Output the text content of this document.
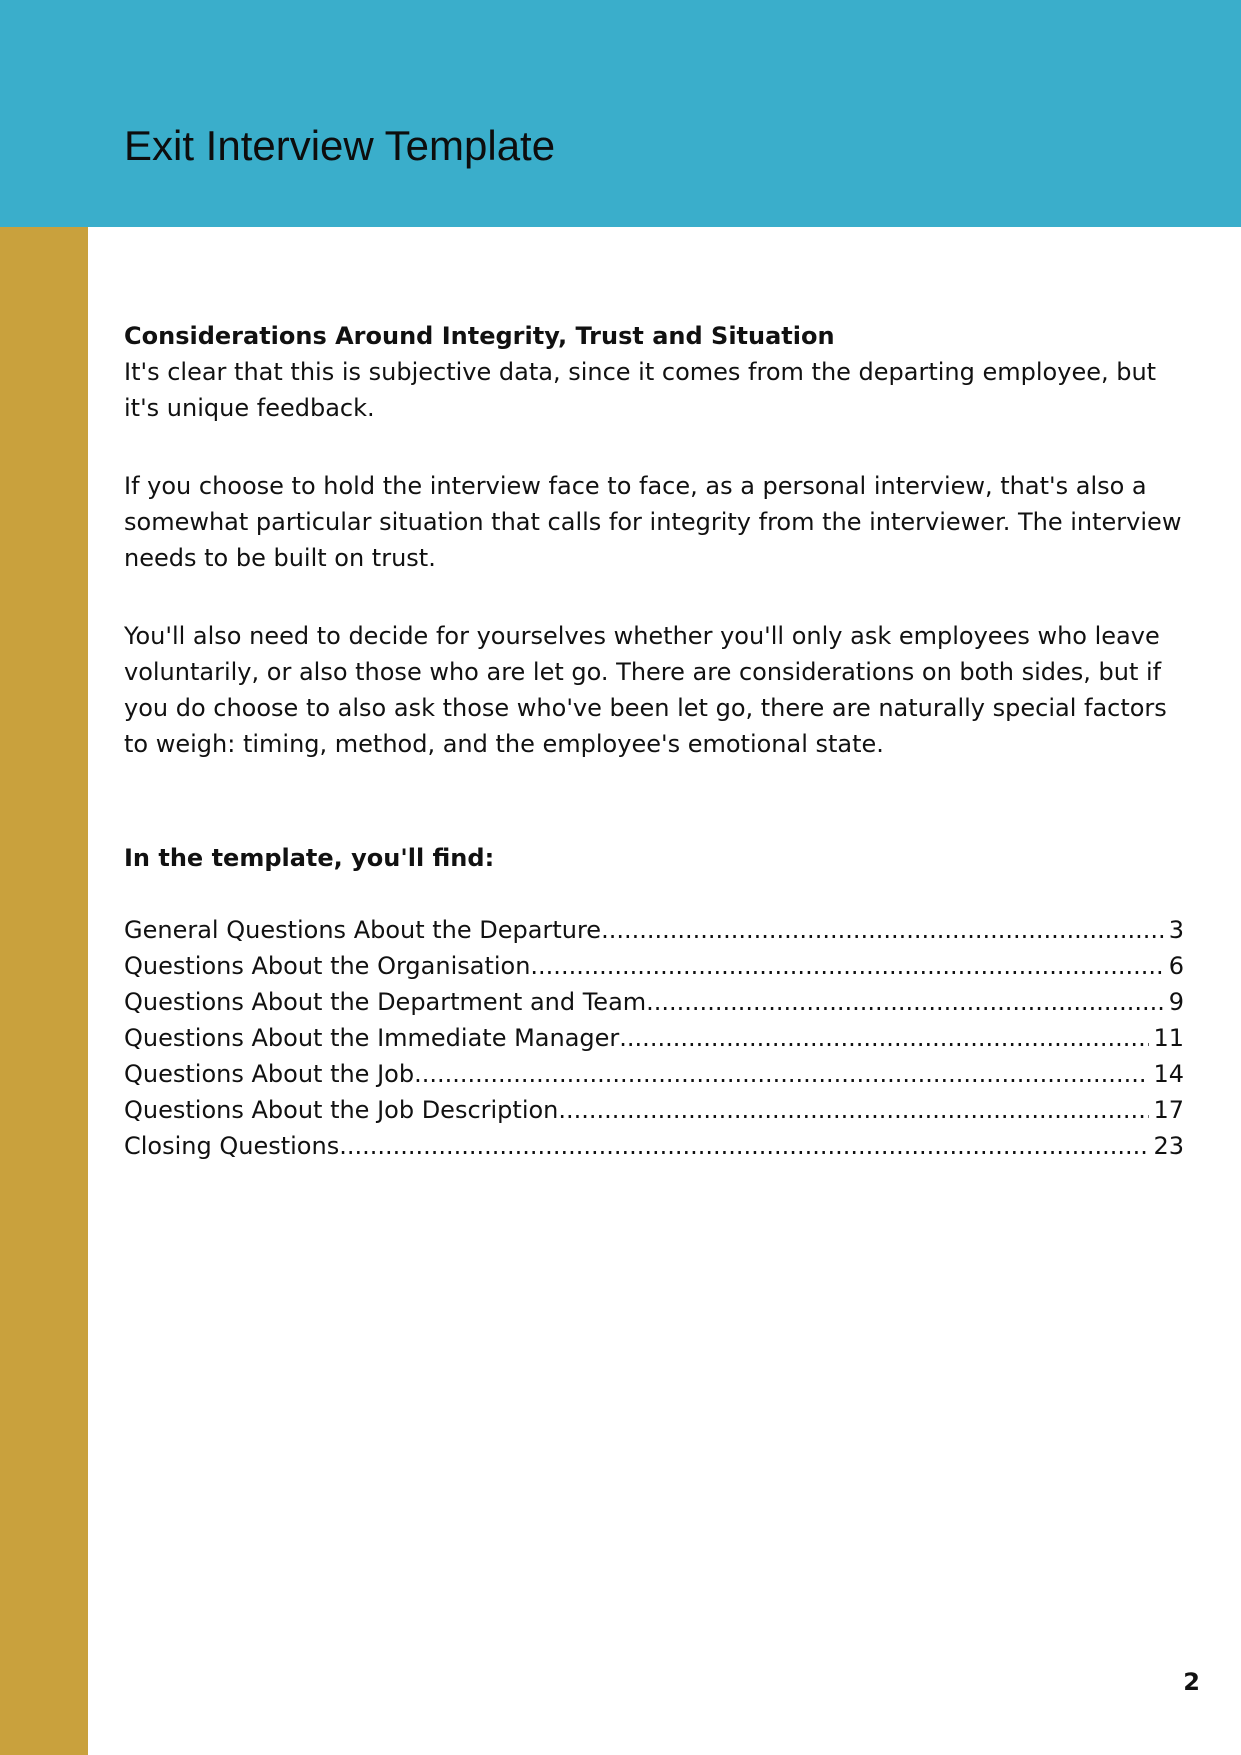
Exit Interview Template

Considerations Around Integrity, Trust and Situation

It's clear that this is subjective data, since it comes from the departing employee, but it's unique feedback.

If you choose to hold the interview face to face, as a personal interview, that's also a somewhat particular situation that calls for integrity from the interviewer. The interview needs to be built on trust.

You'll also need to decide for yourselves whether you'll only ask employees who leave voluntarily, or also those who are let go. There are considerations on both sides, but if you do choose to also ask those who've been let go, there are naturally special factors to weigh: timing, method, and the employee's emotional state.

In the template, you'll find:

General Questions About the Departure .....	3
Questions About the Organisation .....	6
Questions About the Department and Team .....	9
Questions About the Immediate Manager .....	11
Questions About the Job .....	14
Questions About the Job Description .....	17
Closing Questions .....	23
2
